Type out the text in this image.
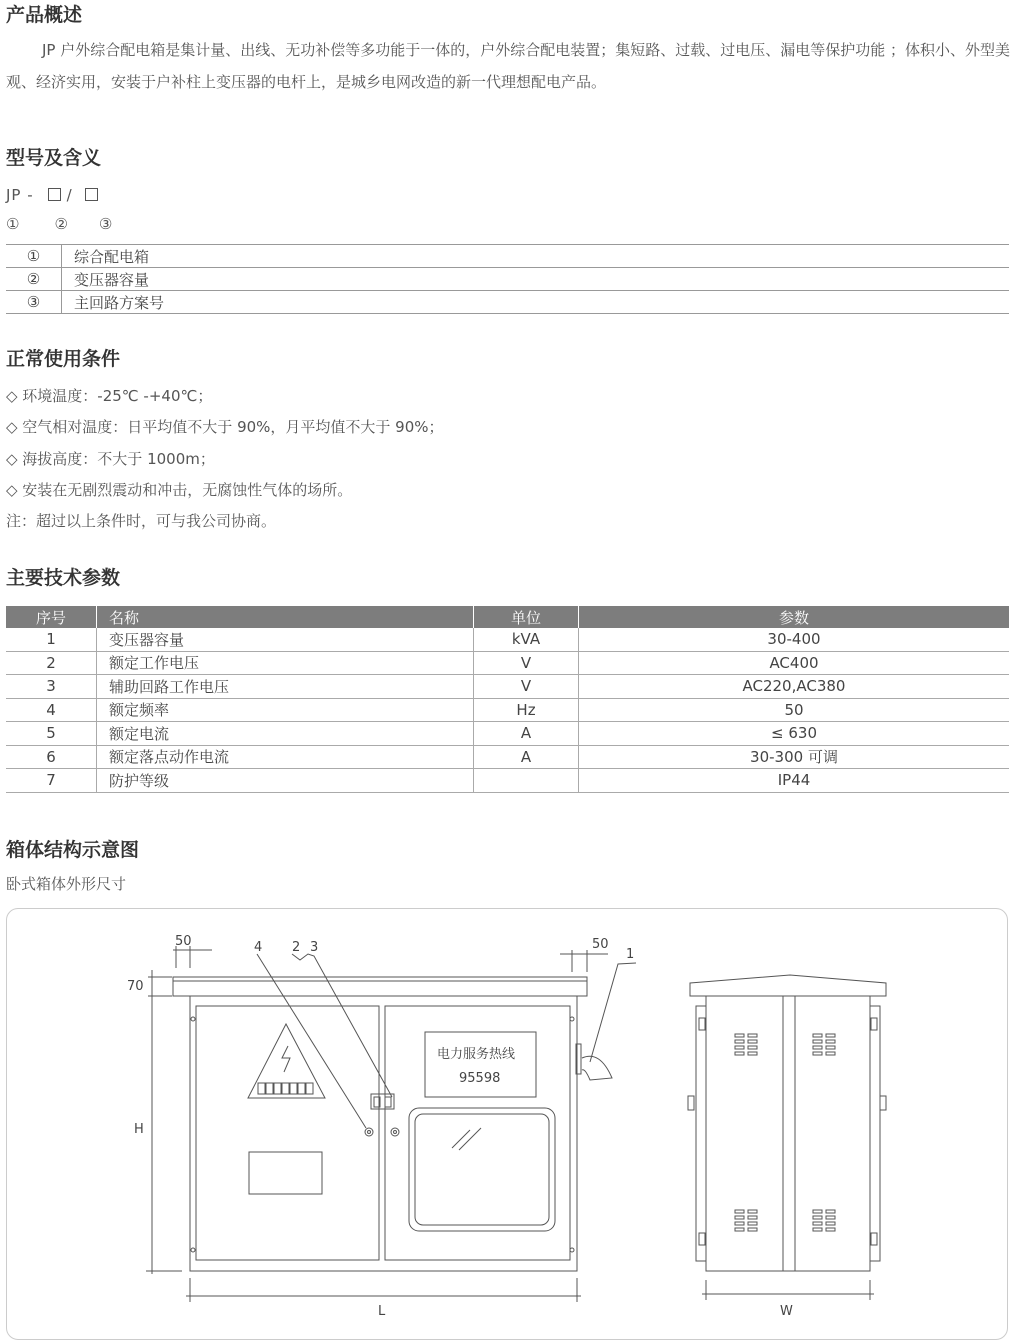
产品概述
JP 户外综合配电箱是集计量、出线、无功补偿等多功能于一体的，户外综合配电装置；集短路、过载、过电压、漏电等保护功能 ；体积小、外型美观、经济实用，安装于户补柱上变压器的电杆上，是城乡电网改造的新一代理想配电产品。
型号及含义
JP - /
① ② ③
①	综合配电箱
②	变压器容量
③	主回路方案号
正常使用条件
◇ 环境温度：-25℃ -+40℃；
◇ 空气相对温度：日平均值不大于 90%，月平均值不大于 90%；
◇ 海拔高度：不大于 1000m；
◇ 安装在无剧烈震动和冲击，无腐蚀性气体的场所。
注：超过以上条件时，可与我公司协商。
主要技术参数
序号	名称	单位	参数
1	变压器容量	kVA	30-400
2	额定工作电压	V	AC400
3	辅助回路工作电压	V	AC220,AC380
4	额定频率	Hz	50
5	额定电流	A	≤ 630
6	额定落点动作电流	A	30-300 可调
7	防护等级		IP44
箱体结构示意图
卧式箱体外形尺寸
50	50
70
H
L	W
4 2 3	1
电力服务热线
95598
